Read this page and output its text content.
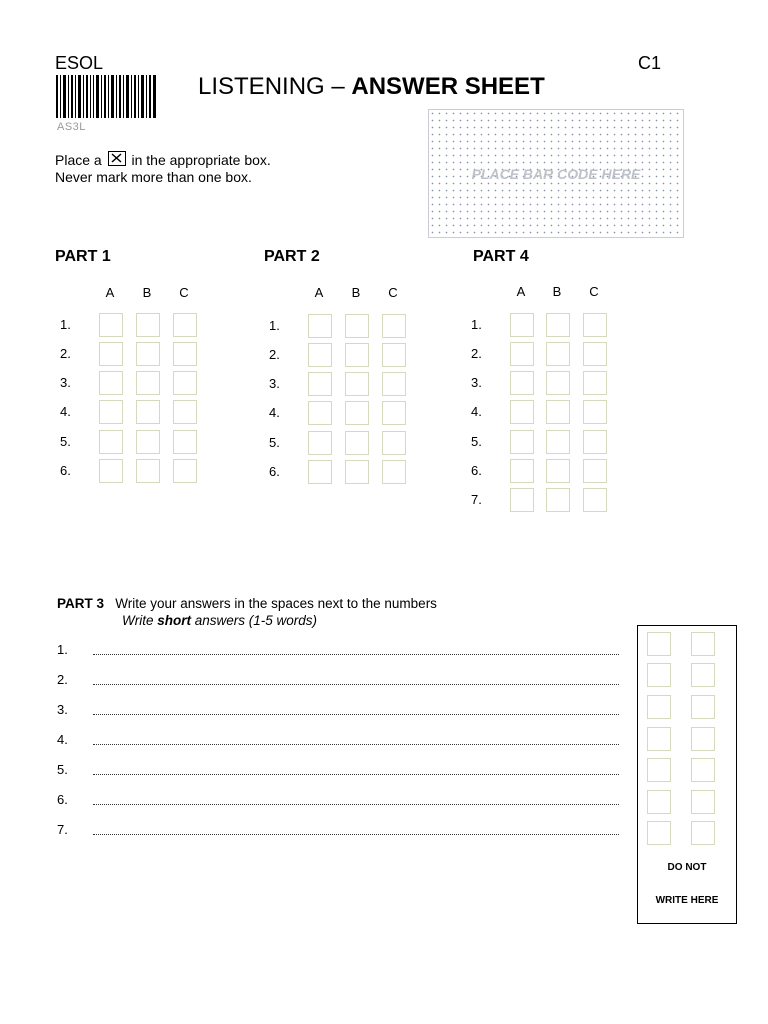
ESOL	C1
AS3L
LISTENING – ANSWER SHEET
Place a ☒ in the appropriate box.
Never mark more than one box.	PLACE BAR CODE HERE
PART 1
A	B	C
1.
2.
3.
4.
5.
6.
PART 2
A	B	C
1.
2.
3.
4.
5.
6.
PART 4
A	B	C
1.
2.
3.
4.
5.
6.
7.
PART 3 Write your answers in the spaces next to the numbers
Write short answers (1-5 words)
1.
2.
3.
4.
5.
6.
7.
DO NOT
WRITE HERE
